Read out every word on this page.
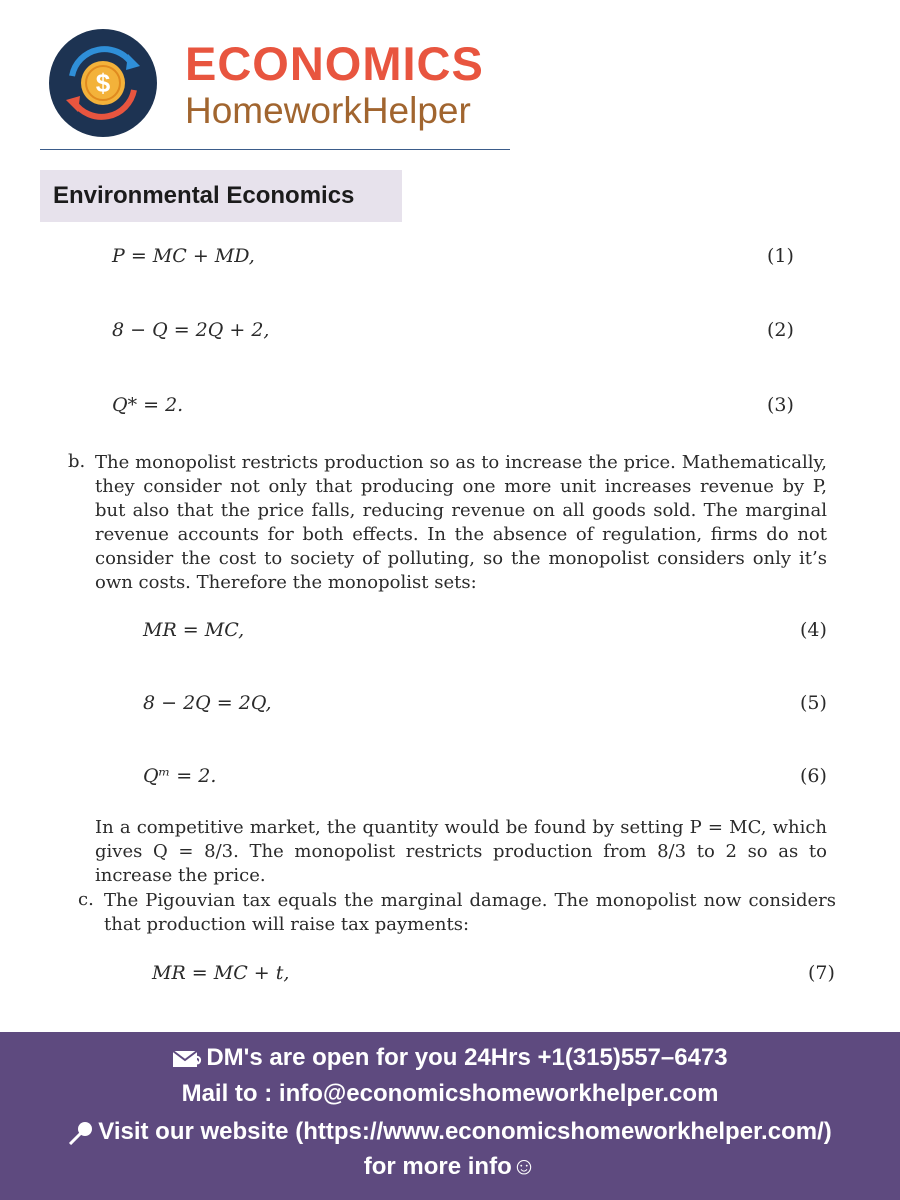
$ ECONOMICS
HomeworkHelper
Environmental Economics
P = MC + MD,	(1)
8 − Q = 2Q + 2,	(2)
Q* = 2.	(3)
b. The monopolist restricts production so as to increase the price. Mathematically, they consider not only that producing one more unit increases revenue by P, but also that the price falls, reducing revenue on all goods sold. The marginal revenue accounts for both effects. In the absence of regulation, firms do not consider the cost to society of polluting, so the monopolist considers only it’s own costs. Therefore the monopolist sets:
MR = MC,	(4)
8 − 2Q = 2Q,	(5)
Qᵐ = 2.	(6)
In a competitive market, the quantity would be found by setting P = MC, which gives Q = 8/3. The monopolist restricts production from 8/3 to 2 so as to increase the price.
c. The Pigouvian tax equals the marginal damage. The monopolist now considers that production will raise tax payments:
MR = MC + t,	(7)
DM's are open for you 24Hrs +1(315)557–6473
Mail to : info@economicshomeworkhelper.com
Visit our website (https://www.economicshomeworkhelper.com/)
for more info☺
